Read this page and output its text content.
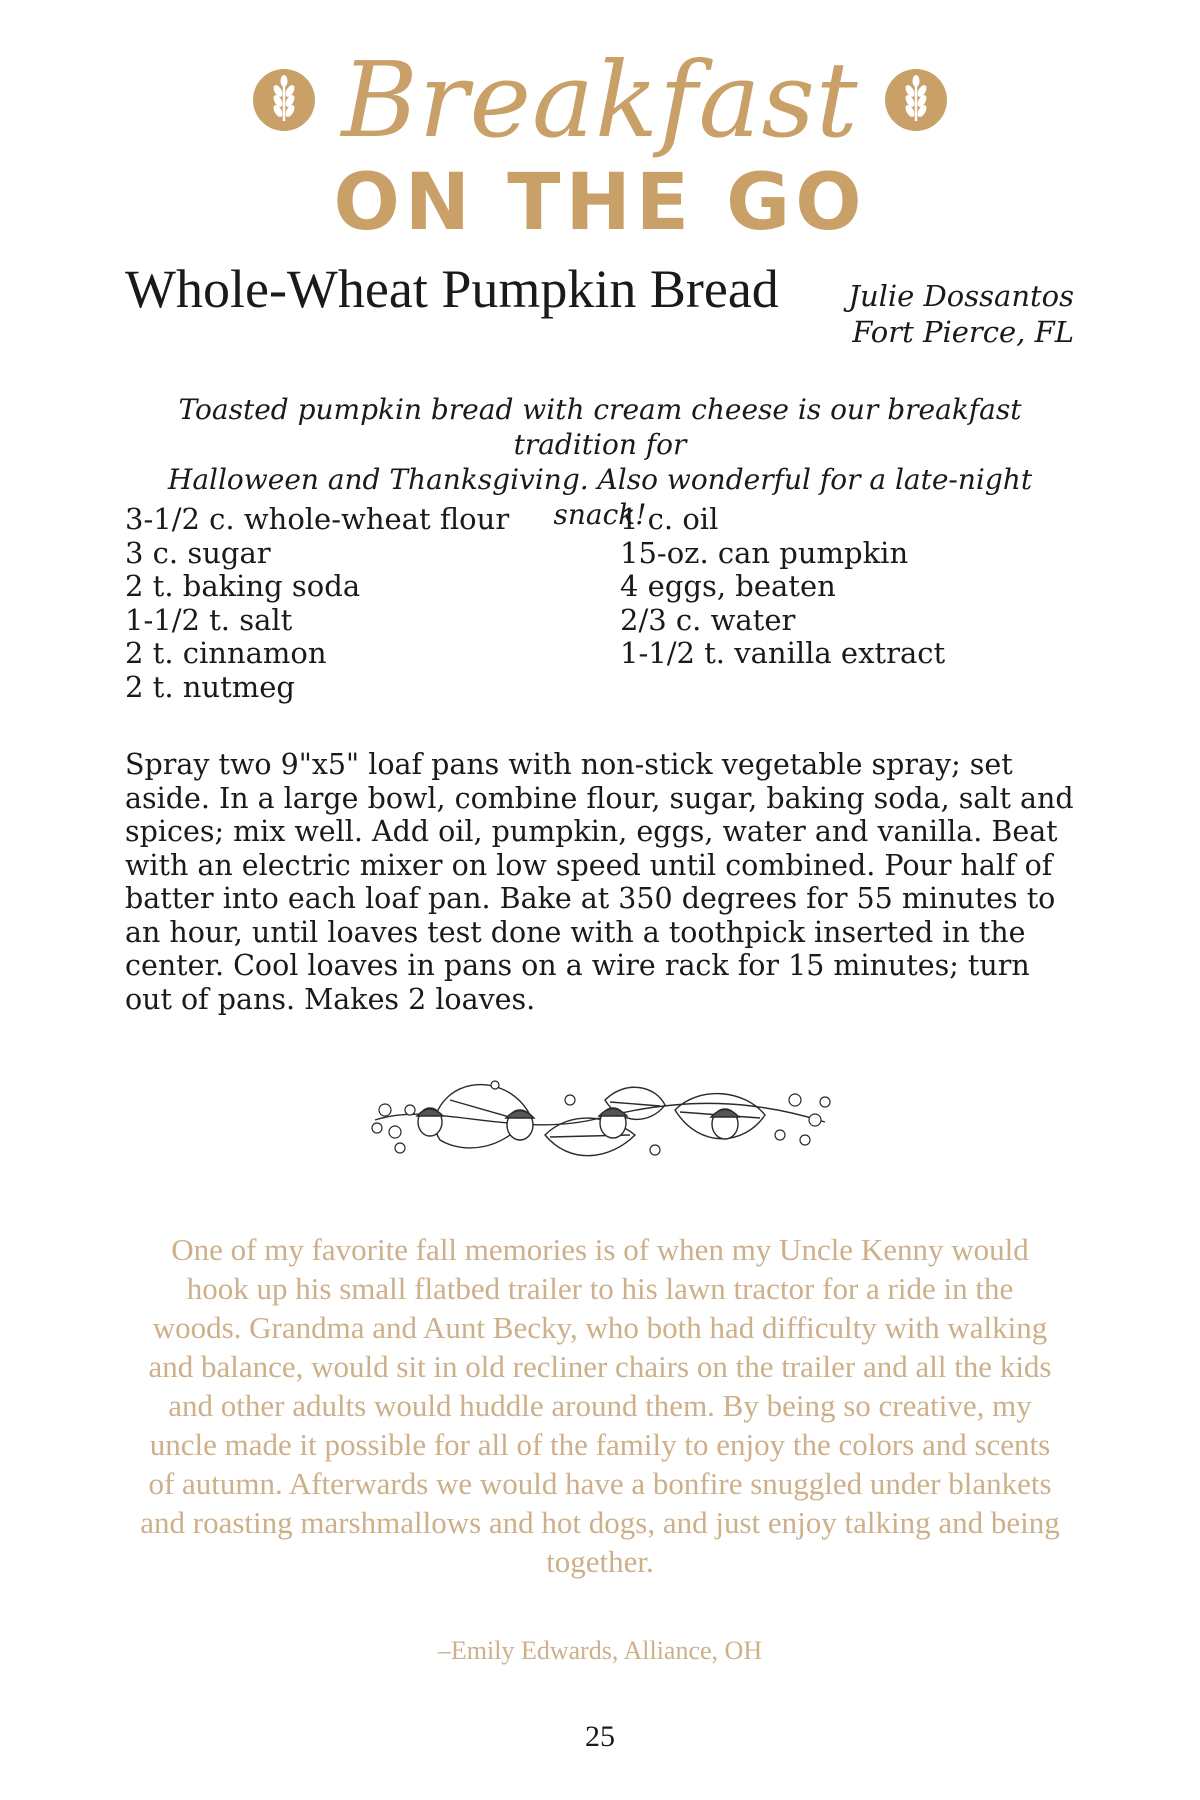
Breakfast
ON THE GO
Whole-Wheat Pumpkin Bread Julie Dossantos
Fort Pierce, FL
Toasted pumpkin bread with cream cheese is our breakfast tradition for
Halloween and Thanksgiving. Also wonderful for a late-night snack!
3-1/2 c. whole-wheat flour
3 c. sugar
2 t. baking soda
1-1/2 t. salt
2 t. cinnamon
2 t. nutmeg
1 c. oil
15-oz. can pumpkin
4 eggs, beaten
2/3 c. water
1-1/2 t. vanilla extract
Spray two 9"x5" loaf pans with non-stick vegetable spray; set aside. In a large bowl, combine flour, sugar, baking soda, salt and spices; mix well. Add oil, pumpkin, eggs, water and vanilla. Beat with an electric mixer on low speed until combined. Pour half of batter into each loaf pan. Bake at 350 degrees for 55 minutes to an hour, until loaves test done with a toothpick inserted in the center. Cool loaves in pans on a wire rack for 15 minutes; turn out of pans. Makes 2 loaves.
One of my favorite fall memories is of when my Uncle Kenny would hook up his small flatbed trailer to his lawn tractor for a ride in the woods. Grandma and Aunt Becky, who both had difficulty with walking and balance, would sit in old recliner chairs on the trailer and all the kids and other adults would huddle around them. By being so creative, my uncle made it possible for all of the family to enjoy the colors and scents of autumn. Afterwards we would have a bonfire snuggled under blankets and roasting marshmallows and hot dogs, and just enjoy talking and being together.
–Emily Edwards, Alliance, OH
25
